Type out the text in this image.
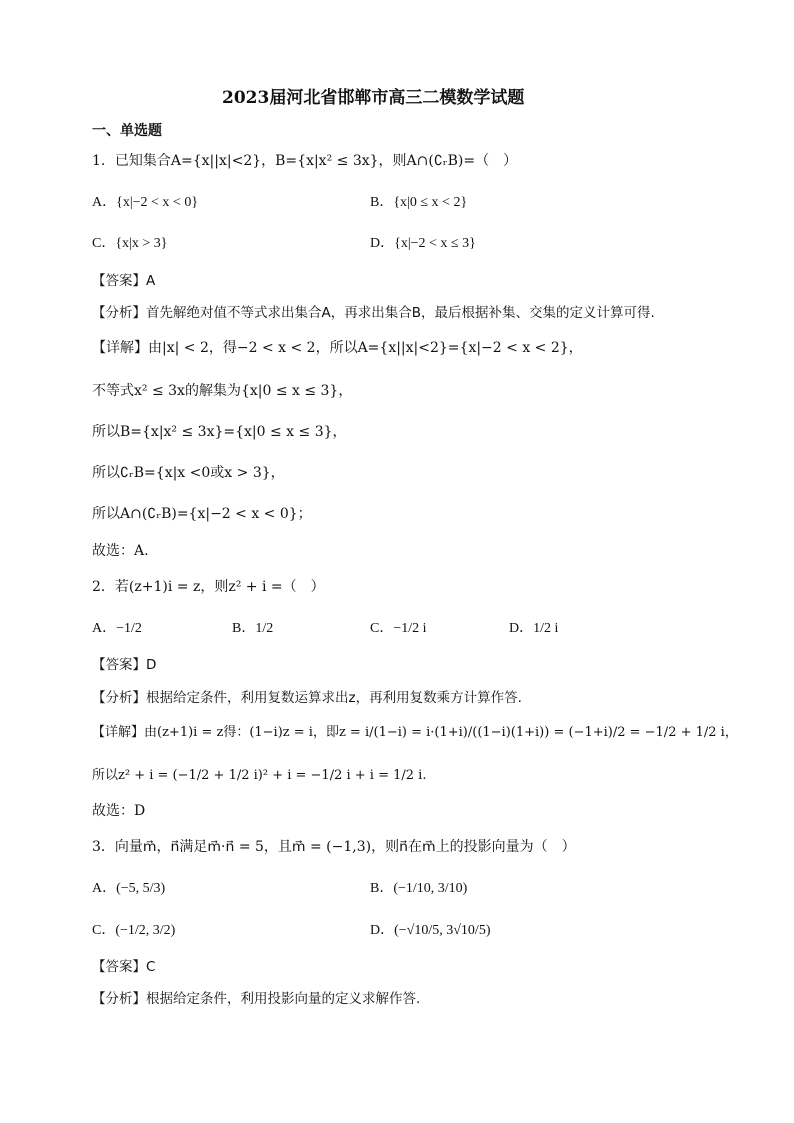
2023届河北省邯郸市高三二模数学试题
一、单选题
1．已知集合A={x||x|<2}，B={x|x² ≤ 3x}，则A∩(∁ᵣB)=（　）
A．{x|−2 < x < 0}	B．{x|0 ≤ x < 2}
C．{x|x > 3}	D．{x|−2 < x ≤ 3}
【答案】A
【分析】首先解绝对值不等式求出集合A，再求出集合B，最后根据补集、交集的定义计算可得.
【详解】由|x| < 2，得−2 < x < 2，所以A={x||x|<2}={x|−2 < x < 2}，
不等式x² ≤ 3x的解集为{x|0 ≤ x ≤ 3}，
所以B={x|x² ≤ 3x}={x|0 ≤ x ≤ 3}，
所以∁ᵣB={x|x <0或x > 3}，
所以A∩(∁ᵣB)={x|−2 < x < 0}；
故选：A.
2．若(z+1)i = z，则z² + i =（　）
A．−1/2	B．1/2	C．−1/2 i	D．1/2 i
【答案】D
【分析】根据给定条件，利用复数运算求出z，再利用复数乘方计算作答.
【详解】由(z+1)i = z得：(1−i)z = i，即z = i/(1−i) = i·(1+i)/((1−i)(1+i)) = (−1+i)/2 = −1/2 + 1/2 i，
所以z² + i = (−1/2 + 1/2 i)² + i = −1/2 i + i = 1/2 i.
故选：D
3．向量m⃗，n⃗满足m⃗·n⃗ = 5，且m⃗ = (−1,3)，则n⃗在m⃗上的投影向量为（　）
A．(−5, 5/3)	B．(−1/10, 3/10)
C．(−1/2, 3/2)	D．(−√10/5, 3√10/5)
【答案】C
【分析】根据给定条件，利用投影向量的定义求解作答.
